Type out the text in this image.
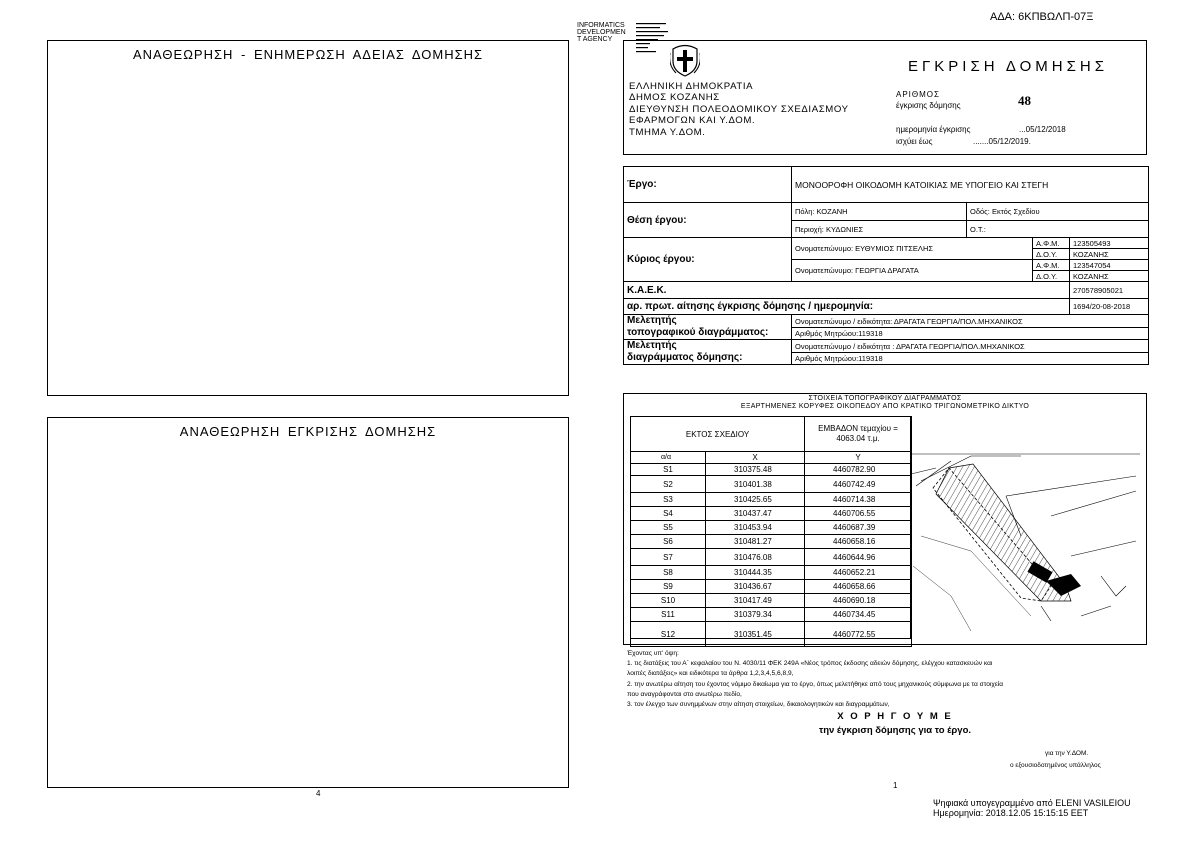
ΑΔΑ: 6ΚΠΒΩΛΠ-07Ξ
ΑΝΑΘΕΩΡΗΣΗ - ΕΝΗΜΕΡΩΣΗ ΑΔΕΙΑΣ ΔΟΜΗΣΗΣ
ΑΝΑΘΕΩΡΗΣΗ ΕΓΚΡΙΣΗΣ ΔΟΜΗΣΗΣ
4
INFORMATICS
DEVELOPMEN
T AGENCY
ΕΛΛΗΝΙΚΗ ΔΗΜΟΚΡΑΤΙΑ
ΔΗΜΟΣ ΚΟΖΑΝΗΣ
ΔΙΕΥΘΥΝΣΗ ΠΟΛΕΟΔΟΜΙΚΟΥ ΣΧΕΔΙΑΣΜΟΥ
ΕΦΑΡΜΟΓΩΝ ΚΑΙ Υ.ΔΟΜ.
ΤΜΗΜΑ Υ.ΔΟΜ.
ΕΓΚΡΙΣΗ ΔΟΜΗΣΗΣ
ΑΡΙΘΜΟΣ
έγκρισης δόμησης	48
ημερομηνία έγκρισης	...05/12/2018
ισχύει έως	.......05/12/2019.
Έργο:	ΜΟΝΟΟΡΟΦΗ ΟΙΚΟΔΟΜΗ ΚΑΤΟΙΚΙΑΣ ΜΕ ΥΠΟΓΕΙΟ ΚΑΙ ΣΤΕΓΗ			
Θέση έργου:	Πόλη: ΚΟΖΑΝΗ	Οδός: Εκτός Σχεδίου		
	Περιοχή: ΚΥΔΩΝΙΕΣ	Ο.Τ.:		
Κύριος έργου:	Ονοματεπώνυμο: ΕΥΘΥΜΙΟΣ ΠΙΤΣΕΛΗΣ		Α.Φ.Μ.	123505493
			Δ.Ο.Υ.	ΚΟΖΑΝΗΣ
	Ονοματεπώνυμο: ΓΕΩΡΓΙΑ ΔΡΑΓΑΤΑ		Α.Φ.Μ.	123547054
			Δ.Ο.Υ.	ΚΟΖΑΝΗΣ
Κ.Α.Ε.Κ.				270578905021
αρ. πρωτ. αίτησης έγκρισης δόμησης / ημερομηνία:				1694/20-08-2018

Μελετητής
τοπογραφικού διαγράμματος:	Ονοματεπώνυμο / ειδικότητα: ΔΡΑΓΑΤΑ ΓΕΩΡΓΙΑ/ΠΟΛ.ΜΗΧΑΝΙΚΟΣ			
	Αριθμός Μητρώου:119318			

Μελετητής
διαγράμματος δόμησης:	Ονοματεπώνυμο / ειδικότητα : ΔΡΑΓΑΤΑ ΓΕΩΡΓΙΑ/ΠΟΛ.ΜΗΧΑΝΙΚΟΣ			
	Αριθμός Μητρώου:119318			
ΣΤΟΙΧΕΙΑ ΤΟΠΟΓΡΑΦΙΚΟΥ ΔΙΑΓΡΑΜΜΑΤΟΣ
ΕΞΑΡΤΗΜΕΝΕΣ ΚΟΡΥΦΕΣ ΟΙΚΟΠΕΔΟΥ ΑΠΟ ΚΡΑΤΙΚΟ ΤΡΙΓΩΝΟΜΕΤΡΙΚΟ ΔΙΚΤΥΟ
ΕΚΤΟΣ ΣΧΕΔΙΟΥ		ΕΜΒΑΔΟΝ τεμαχίου = 4063.04 τ.μ.
α/α	X	Y
S1	310375.48	4460782.90
S2	310401.38	4460742.49
S3	310425.65	4460714.38
S4	310437.47	4460706.55
S5	310453.94	4460687.39
S6	310481.27	4460658.16
S7	310476.08	4460644.96
S8	310444.35	4460652.21
S9	310436.67	4460658.66
S10	310417.49	4460690.18
S11	310379.34	4460734.45
S12	310351.45	4460772.55
Έχοντας υπ' όψη:
1. τις διατάξεις του Α΄ κεφαλαίου του Ν. 4030/11 ΦΕΚ 249Α «Νέος τρόπος έκδοσης αδειών δόμησης, ελέγχου κατασκευών και
λοιπές διατάξεις» και ειδικότερα τα άρθρα 1,2,3,4,5,6,8,9,
2. την ανωτέρω αίτηση του έχοντος νόμιμο δικαίωμα για το έργο, όπως μελετήθηκε από τους μηχανικούς σύμφωνα με τα στοιχεία
που αναγράφονται στο ανωτέρω πεδίο,
3. τον έλεγχο των συνημμένων στην αίτηση στοιχείων, δικαιολογητικών και διαγραμμάτων,
Χ Ο Ρ Η Γ Ο Υ Μ Ε
την έγκριση δόμησης για το έργο.
για την Υ.ΔΟΜ.
ο εξουσιοδοτημένος υπάλληλος
1
Ψηφιακά υπογεγραμμένο από ELENI VASILEIOU
Ημερομηνία: 2018.12.05 15:15:15 EET
